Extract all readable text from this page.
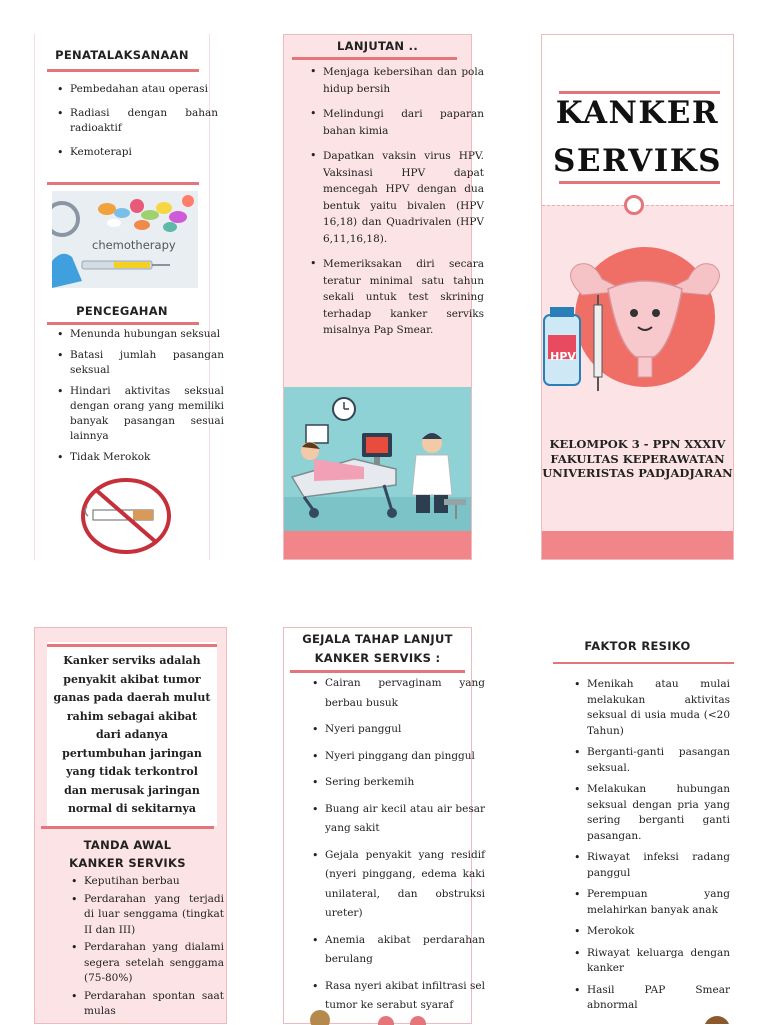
PENATALAKSANAAN
• Pembedahan atau operasi
• Radiasi dengan bahan radioaktif
• Kemoterapi
chemotherapy
PENCEGAHAN
• Menunda hubungan seksual
• Batasi jumlah pasangan seksual
• Hindari aktivitas seksual dengan orang yang memiliki banyak pasangan sesuai lainnya
• Tidak Merokok
LANJUTAN ..
• Menjaga kebersihan dan pola hidup bersih
• Melindungi dari paparan bahan kimia
• Dapatkan vaksin virus HPV. Vaksinasi HPV dapat mencegah HPV dengan dua bentuk yaitu bivalen (HPV 16,18) dan Quadrivalen (HPV 6,11,16,18).
• Memeriksakan diri secara teratur minimal satu tahun sekali untuk test skrining terhadap kanker serviks misalnya Pap Smear.
KANKER
SERVIKS
HPV
KELOMPOK 3 - PPN XXXIV
FAKULTAS KEPERAWATAN
UNIVERISTAS PADJADJARAN
Kanker serviks adalah penyakit akibat tumor ganas pada daerah mulut rahim sebagai akibat dari adanya pertumbuhan jaringan yang tidak terkontrol dan merusak jaringan normal di sekitarnya
TANDA AWAL KANKER SERVIKS
• Keputihan berbau
• Perdarahan yang terjadi di luar senggama (tingkat II dan III)
• Perdarahan yang dialami segera setelah senggama (75-80%)
• Perdarahan spontan saat mulas
GEJALA TAHAP LANJUT
KANKER SERVIKS :
• Cairan pervaginam yang berbau busuk
• Nyeri panggul
• Nyeri pinggang dan pinggul
• Sering berkemih
• Buang air kecil atau air besar yang sakit
• Gejala penyakit yang residif (nyeri pinggang, edema kaki unilateral, dan obstruksi ureter)
• Anemia akibat perdarahan berulang
• Rasa nyeri akibat infiltrasi sel tumor ke serabut syaraf
FAKTOR RESIKO
• Menikah atau mulai melakukan aktivitas seksual di usia muda (<20 Tahun)
• Berganti-ganti pasangan seksual.
• Melakukan hubungan seksual dengan pria yang sering berganti ganti pasangan.
• Riwayat infeksi radang panggul
• Perempuan yang melahirkan banyak anak
• Merokok
• Riwayat keluarga dengan kanker
• Hasil PAP Smear abnormal
